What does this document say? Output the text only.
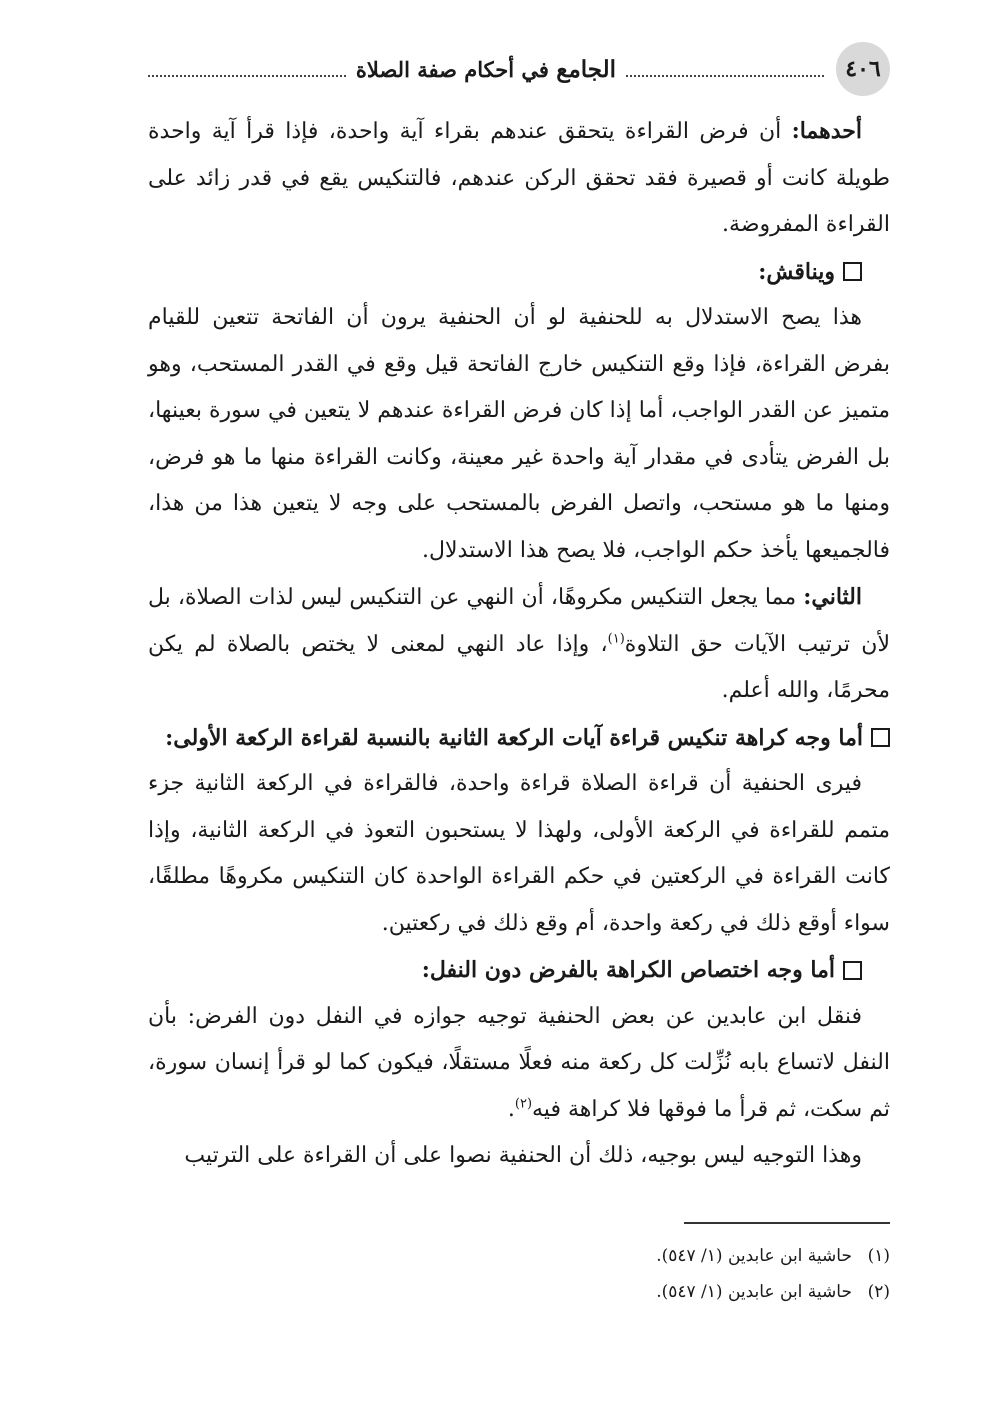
٤٠٦
الجامع في أحكام صفة الصلاة

أحدهما: أن فرض القراءة يتحقق عندهم بقراء آية واحدة، فإذا قرأ آية واحدة طويلة كانت أو قصيرة فقد تحقق الركن عندهم، فالتنكيس يقع في قدر زائد على القراءة المفروضة.

ويناقش:

هذا يصح الاستدلال به للحنفية لو أن الحنفية يرون أن الفاتحة تتعين للقيام بفرض القراءة، فإذا وقع التنكيس خارج الفاتحة قيل وقع في القدر المستحب، وهو متميز عن القدر الواجب، أما إذا كان فرض القراءة عندهم لا يتعين في سورة بعينها، بل الفرض يتأدى في مقدار آية واحدة غير معينة، وكانت القراءة منها ما هو فرض، ومنها ما هو مستحب، واتصل الفرض بالمستحب على وجه لا يتعين هذا من هذا، فالجميعها يأخذ حكم الواجب، فلا يصح هذا الاستدلال.

الثاني: مما يجعل التنكيس مكروهًا، أن النهي عن التنكيس ليس لذات الصلاة، بل لأن ترتيب الآيات حق التلاوة$^{(١)}$، وإذا عاد النهي لمعنى لا يختص بالصلاة لم يكن محرمًا، والله أعلم.

أما وجه كراهة تنكيس قراءة آيات الركعة الثانية بالنسبة لقراءة الركعة الأولى:

فيرى الحنفية أن قراءة الصلاة قراءة واحدة، فالقراءة في الركعة الثانية جزء متمم للقراءة في الركعة الأولى، ولهذا لا يستحبون التعوذ في الركعة الثانية، وإذا كانت القراءة في الركعتين في حكم القراءة الواحدة كان التنكيس مكروهًا مطلقًا، سواء أوقع ذلك في ركعة واحدة، أم وقع ذلك في ركعتين.

أما وجه اختصاص الكراهة بالفرض دون النفل:

فنقل ابن عابدين عن بعض الحنفية توجيه جوازه في النفل دون الفرض: بأن النفل لاتساع بابه نُزِّلت كل ركعة منه فعلًا مستقلًا، فيكون كما لو قرأ إنسان سورة، ثم سكت، ثم قرأ ما فوقها فلا كراهة فيه$^{(٢)}$.

وهذا التوجيه ليس بوجيه، ذلك أن الحنفية نصوا على أن القراءة على الترتيب

(١)حاشية ابن عابدين (١/ ٥٤٧).

(٢)حاشية ابن عابدين (١/ ٥٤٧).
